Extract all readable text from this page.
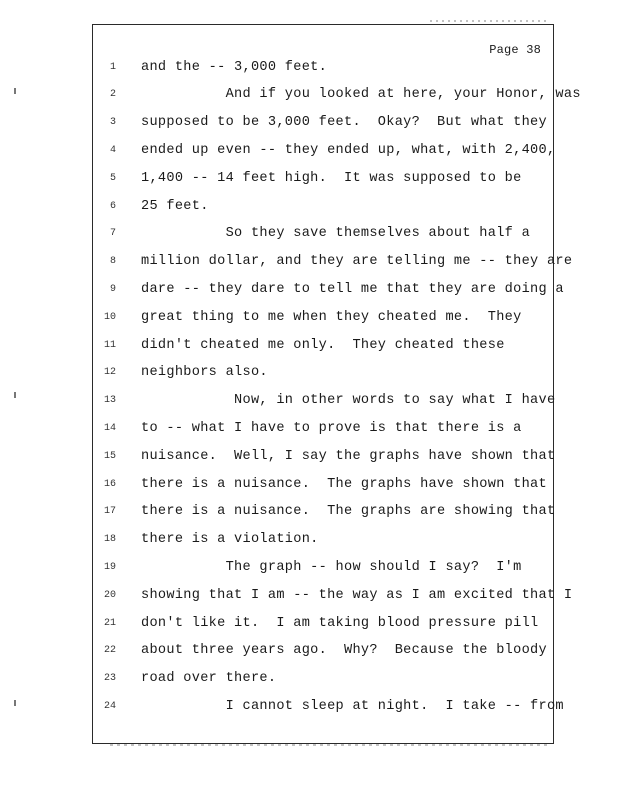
Page 38
1 and the -- 3,000 feet.
2 And if you looked at here, your Honor, was
3 supposed to be 3,000 feet.  Okay?  But what they
4 ended up even -- they ended up, what, with 2,400,
5 1,400 -- 14 feet high.  It was supposed to be
6 25 feet.
7 So they save themselves about half a
8 million dollar, and they are telling me -- they are
9 dare -- they dare to tell me that they are doing a
10 great thing to me when they cheated me.  They
11 didn't cheated me only.  They cheated these
12 neighbors also.
13 Now, in other words to say what I have
14 to -- what I have to prove is that there is a
15 nuisance.  Well, I say the graphs have shown that
16 there is a nuisance.  The graphs have shown that
17 there is a nuisance.  The graphs are showing that
18 there is a violation.
19 The graph -- how should I say?  I'm
20 showing that I am -- the way as I am excited that I
21 don't like it.  I am taking blood pressure pill
22 about three years ago.  Why?  Because the bloody
23 road over there.
24 I cannot sleep at night.  I take -- from
